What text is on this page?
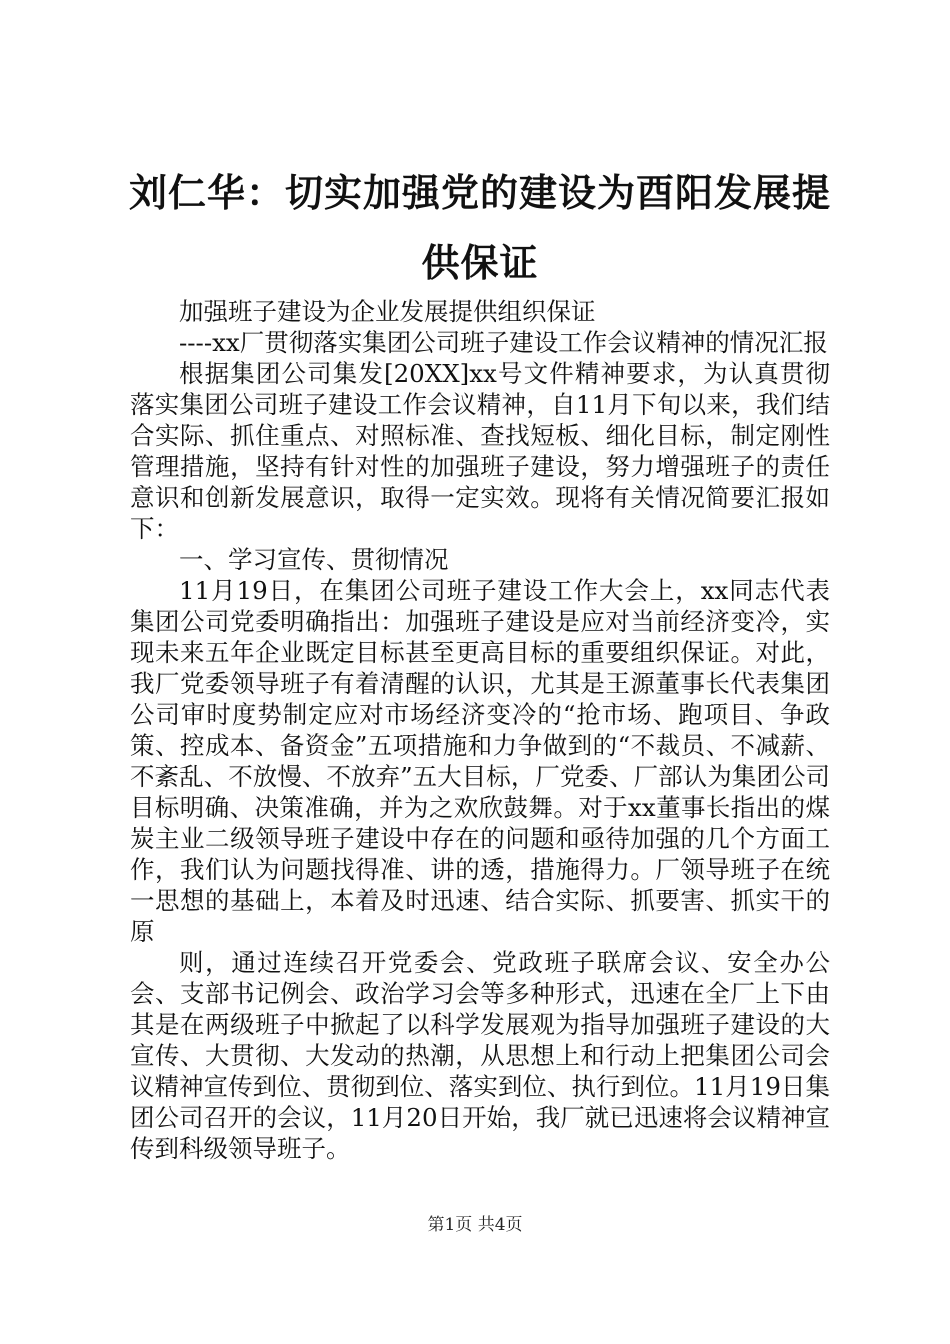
刘仁华：切实加强党的建设为酉阳发展提供保证

加强班子建设为企业发展提供组织保证

----xx厂贯彻落实集团公司班子建设工作会议精神的情况汇报

根据集团公司集发[20XX]xx号文件精神要求，为认真贯彻落实集团公司班子建设工作会议精神，自11月下旬以来，我们结合实际、抓住重点、对照标准、查找短板、细化目标，制定刚性管理措施，坚持有针对性的加强班子建设，努力增强班子的责任意识和创新发展意识，取得一定实效。现将有关情况简要汇报如下：

一、学习宣传、贯彻情况

11月19日，在集团公司班子建设工作大会上，xx同志代表集团公司党委明确指出：加强班子建设是应对当前经济变冷，实现未来五年企业既定目标甚至更高目标的重要组织保证。对此，我厂党委领导班子有着清醒的认识，尤其是王源董事长代表集团公司审时度势制定应对市场经济变冷的“抢市场、跑项目、争政策、控成本、备资金”五项措施和力争做到的“不裁员、不减薪、不紊乱、不放慢、不放弃”五大目标，厂党委、厂部认为集团公司目标明确、决策准确，并为之欢欣鼓舞。对于xx董事长指出的煤炭主业二级领导班子建设中存在的问题和亟待加强的几个方面工作，我们认为问题找得准、讲的透，措施得力。厂领导班子在统一思想的基础上，本着及时迅速、结合实际、抓要害、抓实干的原

则，通过连续召开党委会、党政班子联席会议、安全办公会、支部书记例会、政治学习会等多种形式，迅速在全厂上下由其是在两级班子中掀起了以科学发展观为指导加强班子建设的大宣传、大贯彻、大发动的热潮，从思想上和行动上把集团公司会议精神宣传到位、贯彻到位、落实到位、执行到位。11月19日集团公司召开的会议，11月20日开始，我厂就已迅速将会议精神宣传到科级领导班子。

第1页 共4页
